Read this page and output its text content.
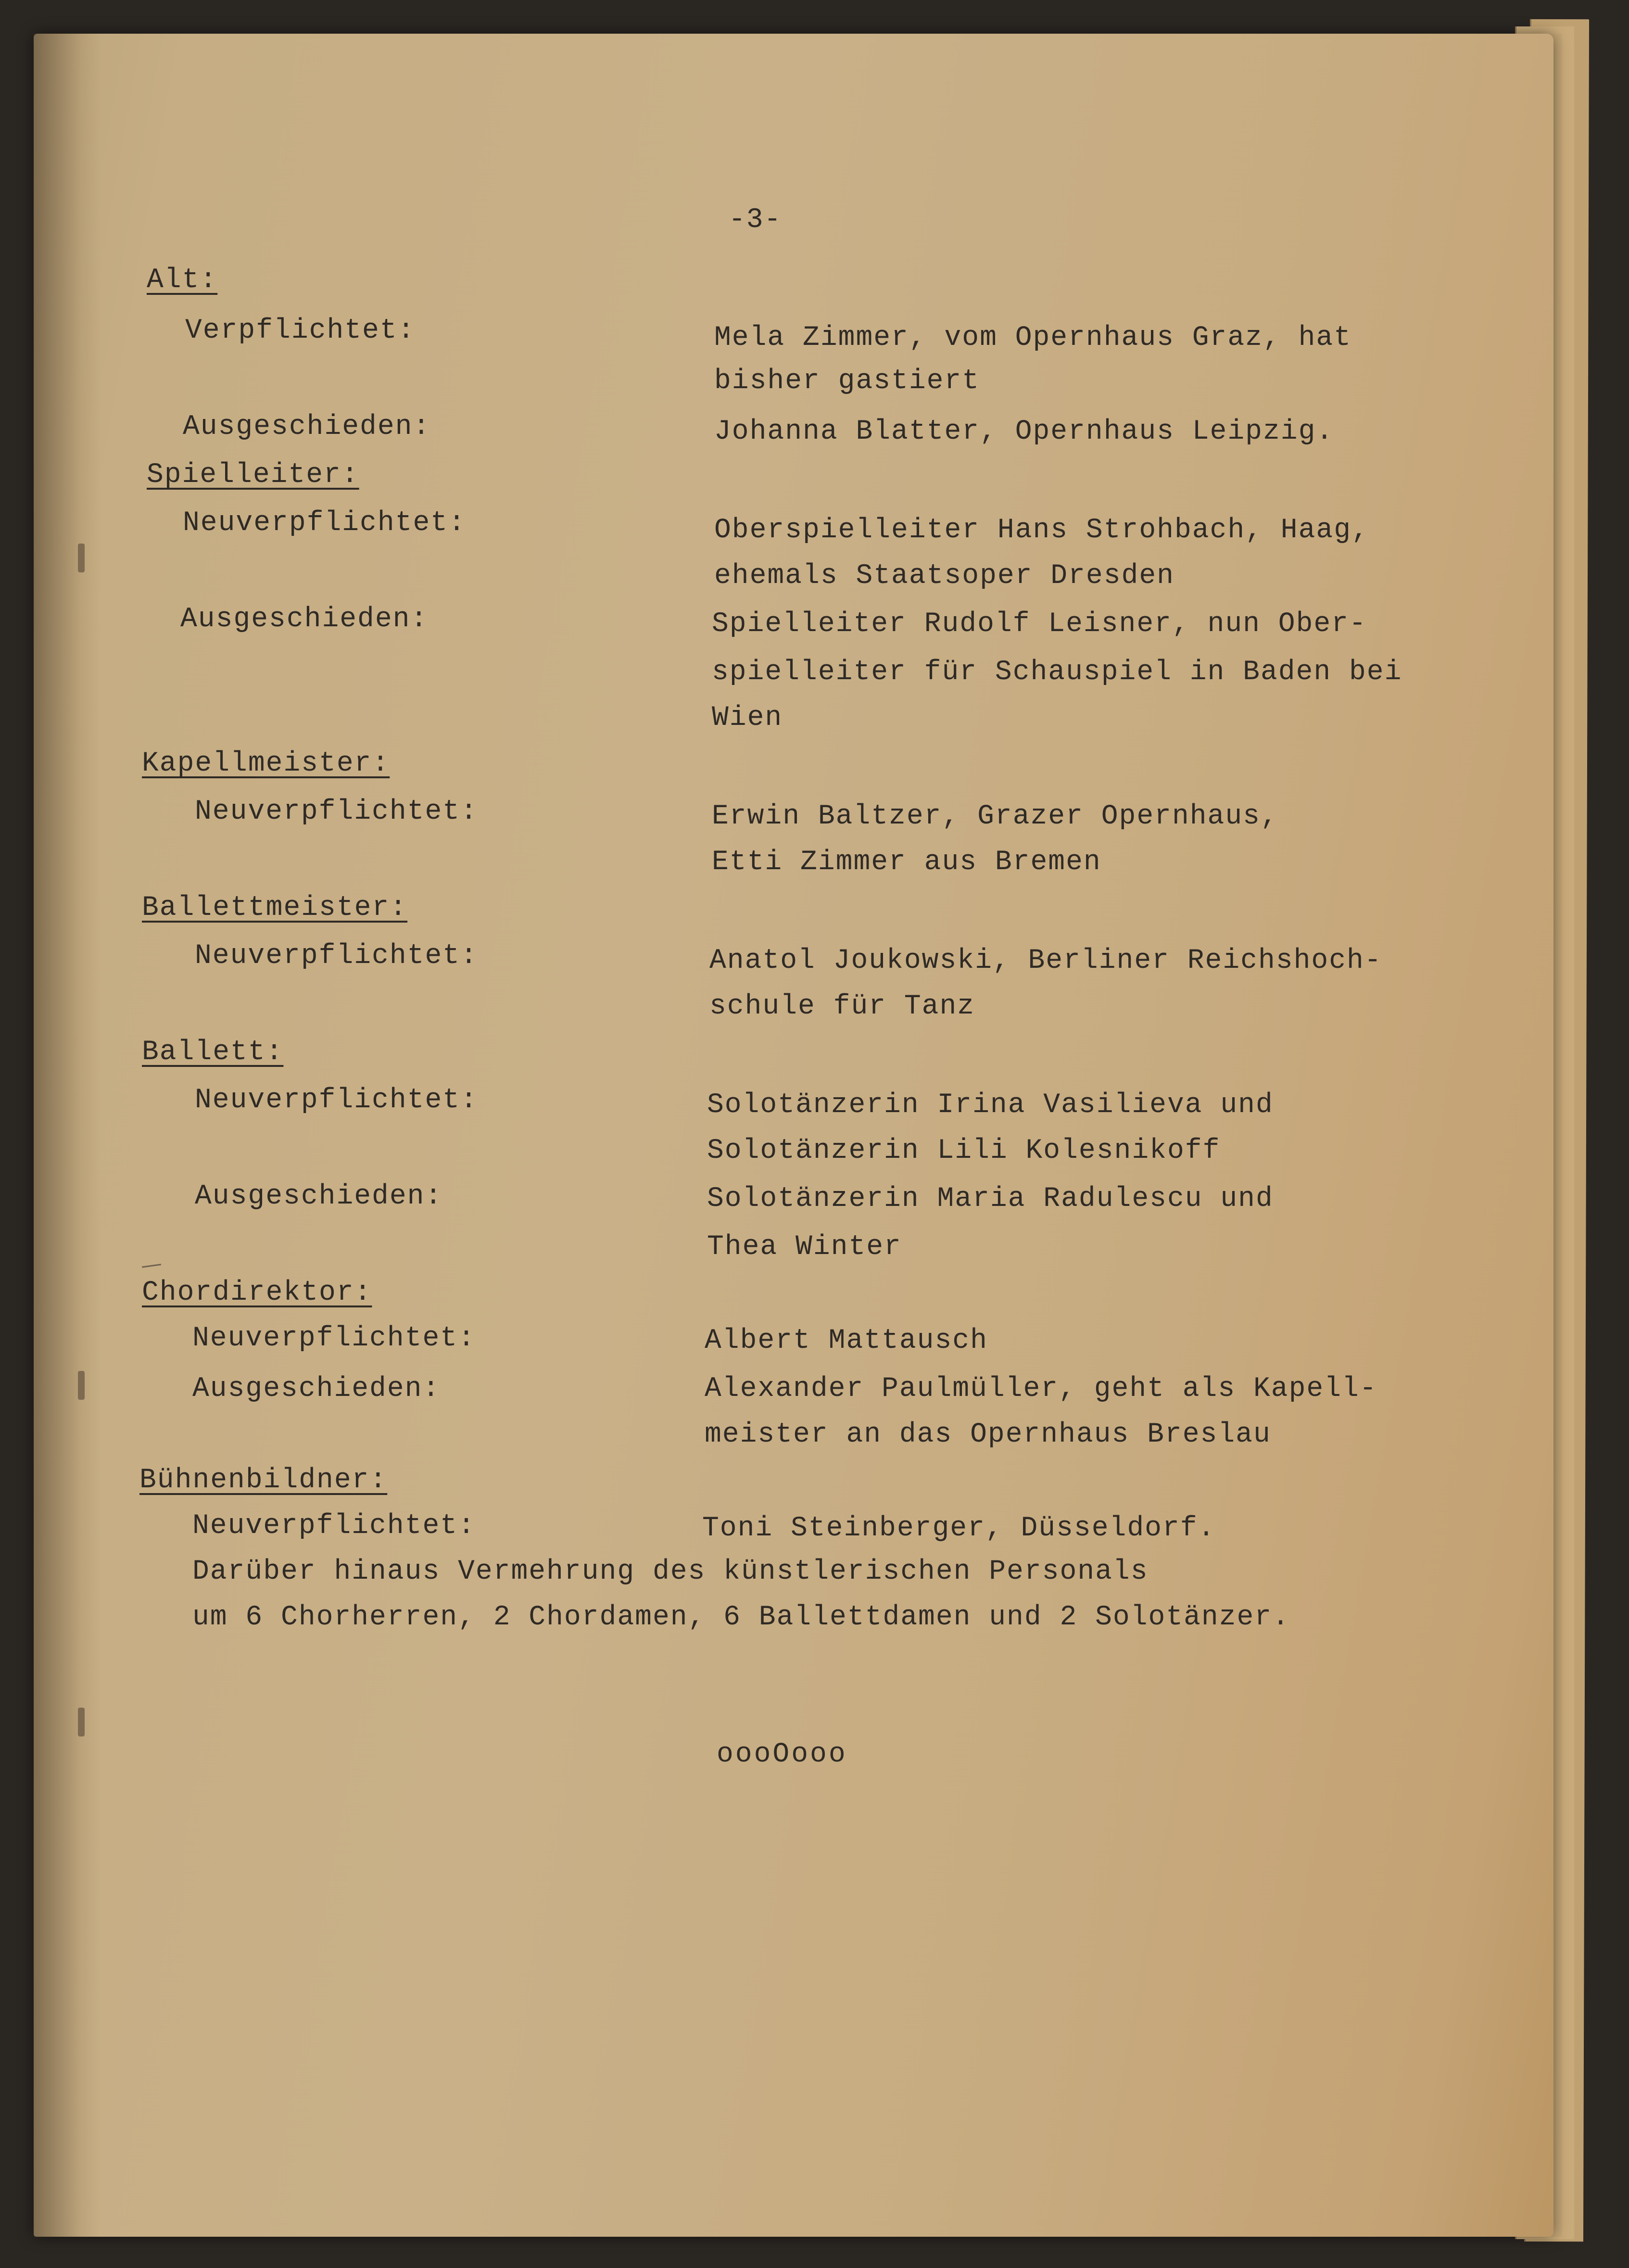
-3-
Alt:
Verpflichtet:	Mela Zimmer, vom Opernhaus Graz, hat
bisher gastiert
Ausgeschieden:	Johanna Blatter, Opernhaus Leipzig.
Spielleiter:
Neuverpflichtet:	Oberspielleiter Hans Strohbach, Haag,
ehemals Staatsoper Dresden
Ausgeschieden:	Spielleiter Rudolf Leisner, nun Ober-
spielleiter für Schauspiel in Baden bei
Wien
Kapellmeister:
Neuverpflichtet:	Erwin Baltzer, Grazer Opernhaus,
Etti Zimmer aus Bremen
Ballettmeister:
Neuverpflichtet:	Anatol Joukowski, Berliner Reichshoch-
schule für Tanz
Ballett:
Neuverpflichtet:	Solotänzerin Irina Vasilieva und
Solotänzerin Lili Kolesnikoff
Ausgeschieden:	Solotänzerin Maria Radulescu und
Thea Winter
Chordirektor:
Neuverpflichtet:	Albert Mattausch
Ausgeschieden:	Alexander Paulmüller, geht als Kapell-
meister an das Opernhaus Breslau
Bühnenbildner:
Neuverpflichtet:	Toni Steinberger, Düsseldorf.
Darüber hinaus Vermehrung des künstlerischen Personals
um 6 Chorherren, 2 Chordamen, 6 Ballettdamen und 2 Solotänzer.
oooOooo
